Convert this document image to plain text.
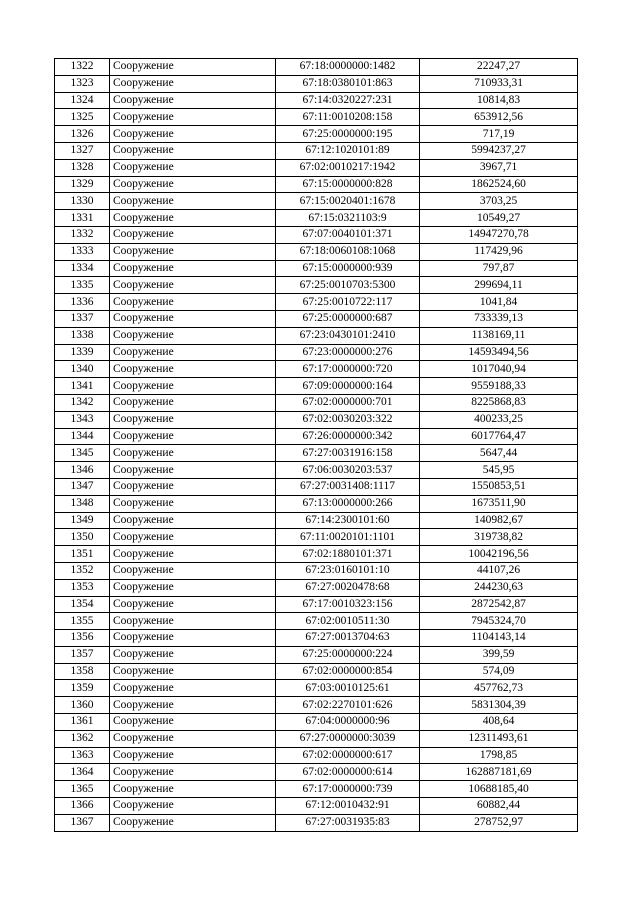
1322	Сооружение	67:18:0000000:1482	22247,27
1323	Сооружение	67:18:0380101:863	710933,31
1324	Сооружение	67:14:0320227:231	10814,83
1325	Сооружение	67:11:0010208:158	653912,56
1326	Сооружение	67:25:0000000:195	717,19
1327	Сооружение	67:12:1020101:89	5994237,27
1328	Сооружение	67:02:0010217:1942	3967,71
1329	Сооружение	67:15:0000000:828	1862524,60
1330	Сооружение	67:15:0020401:1678	3703,25
1331	Сооружение	67:15:0321103:9	10549,27
1332	Сооружение	67:07:0040101:371	14947270,78
1333	Сооружение	67:18:0060108:1068	117429,96
1334	Сооружение	67:15:0000000:939	797,87
1335	Сооружение	67:25:0010703:5300	299694,11
1336	Сооружение	67:25:0010722:117	1041,84
1337	Сооружение	67:25:0000000:687	733339,13
1338	Сооружение	67:23:0430101:2410	1138169,11
1339	Сооружение	67:23:0000000:276	14593494,56
1340	Сооружение	67:17:0000000:720	1017040,94
1341	Сооружение	67:09:0000000:164	9559188,33
1342	Сооружение	67:02:0000000:701	8225868,83
1343	Сооружение	67:02:0030203:322	400233,25
1344	Сооружение	67:26:0000000:342	6017764,47
1345	Сооружение	67:27:0031916:158	5647,44
1346	Сооружение	67:06:0030203:537	545,95
1347	Сооружение	67:27:0031408:1117	1550853,51
1348	Сооружение	67:13:0000000:266	1673511,90
1349	Сооружение	67:14:2300101:60	140982,67
1350	Сооружение	67:11:0020101:1101	319738,82
1351	Сооружение	67:02:1880101:371	10042196,56
1352	Сооружение	67:23:0160101:10	44107,26
1353	Сооружение	67:27:0020478:68	244230,63
1354	Сооружение	67:17:0010323:156	2872542,87
1355	Сооружение	67:02:0010511:30	7945324,70
1356	Сооружение	67:27:0013704:63	1104143,14
1357	Сооружение	67:25:0000000:224	399,59
1358	Сооружение	67:02:0000000:854	574,09
1359	Сооружение	67:03:0010125:61	457762,73
1360	Сооружение	67:02:2270101:626	5831304,39
1361	Сооружение	67:04:0000000:96	408,64
1362	Сооружение	67:27:0000000:3039	12311493,61
1363	Сооружение	67:02:0000000:617	1798,85
1364	Сооружение	67:02:0000000:614	162887181,69
1365	Сооружение	67:17:0000000:739	10688185,40
1366	Сооружение	67:12:0010432:91	60882,44
1367	Сооружение	67:27:0031935:83	278752,97
